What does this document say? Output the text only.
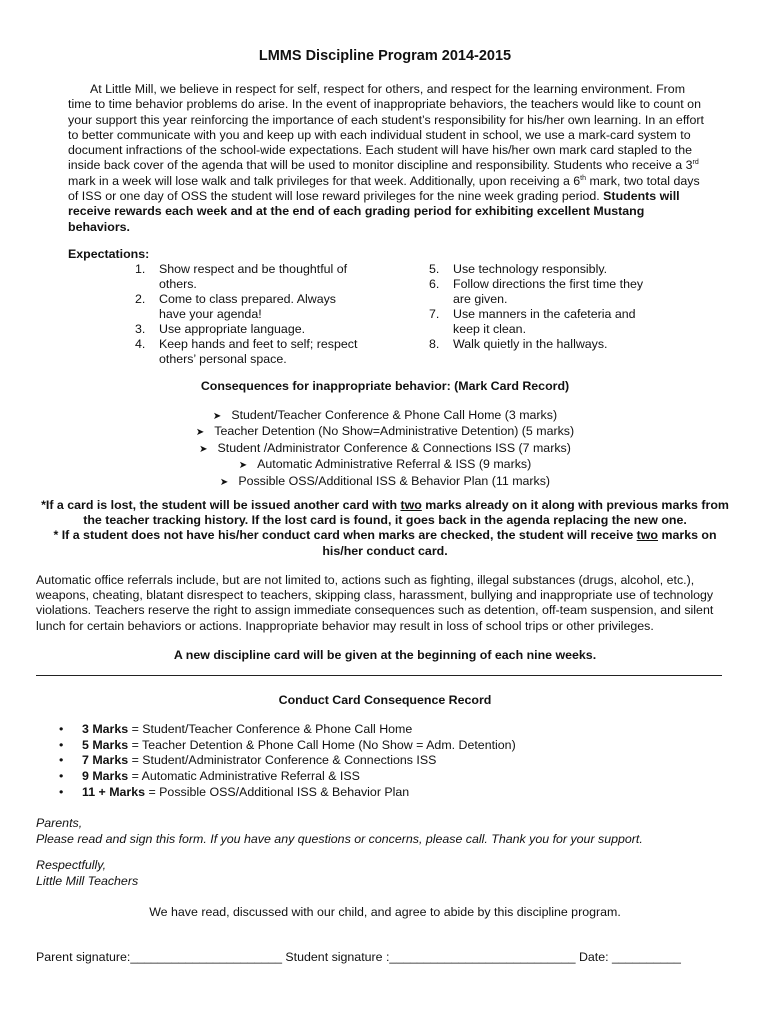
LMMS Discipline Program 2014-2015
At Little Mill, we believe in respect for self, respect for others, and respect for the learning environment. From time to time behavior problems do arise. In the event of inappropriate behaviors, the teachers would like to count on your support this year reinforcing the importance of each student’s responsibility for his/her own learning. In an effort to better communicate with you and keep up with each individual student in school, we use a mark-card system to document infractions of the school-wide expectations. Each student will have his/her own mark card stapled to the inside back cover of the agenda that will be used to monitor discipline and responsibility. Students who receive a 3rd mark in a week will lose walk and talk privileges for that week. Additionally, upon receiving a 6th mark, two total days of ISS or one day of OSS the student will lose reward privileges for the nine week grading period. Students will receive rewards each week and at the end of each grading period for exhibiting excellent Mustang behaviors.
Expectations:
1. Show respect and be thoughtful of others.
2. Come to class prepared. Always have your agenda!
3. Use appropriate language.
4. Keep hands and feet to self; respect others’ personal space.
5. Use technology responsibly.
6. Follow directions the first time they are given.
7. Use manners in the cafeteria and keep it clean.
8. Walk quietly in the hallways.
Consequences for inappropriate behavior: (Mark Card Record)
➤ Student/Teacher Conference & Phone Call Home (3 marks)
➤ Teacher Detention (No Show=Administrative Detention) (5 marks)
➤ Student /Administrator Conference & Connections ISS (7 marks)
➤ Automatic Administrative Referral & ISS (9 marks)
➤ Possible OSS/Additional ISS & Behavior Plan (11 marks)
*If a card is lost, the student will be issued another card with two marks already on it along with previous marks from the teacher tracking history. If the lost card is found, it goes back in the agenda replacing the new one.
* If a student does not have his/her conduct card when marks are checked, the student will receive two marks on his/her conduct card.
Automatic office referrals include, but are not limited to, actions such as fighting, illegal substances (drugs, alcohol, etc.), weapons, cheating, blatant disrespect to teachers, skipping class, harassment, bullying and inappropriate use of technology violations. Teachers reserve the right to assign immediate consequences such as detention, off-team suspension, and silent lunch for certain behaviors or actions. Inappropriate behavior may result in loss of school trips or other privileges.
A new discipline card will be given at the beginning of each nine weeks.
Conduct Card Consequence Record
• 3 Marks = Student/Teacher Conference & Phone Call Home
• 5 Marks = Teacher Detention & Phone Call Home (No Show = Adm. Detention)
• 7 Marks = Student/Administrator Conference & Connections ISS
• 9 Marks = Automatic Administrative Referral & ISS
• 11 + Marks = Possible OSS/Additional ISS & Behavior Plan
Parents,
Please read and sign this form. If you have any questions or concerns, please call. Thank you for your support.
Respectfully,
Little Mill Teachers
We have read, discussed with our child, and agree to abide by this discipline program.
Parent signature:______________________ Student signature :___________________________ Date: __________
